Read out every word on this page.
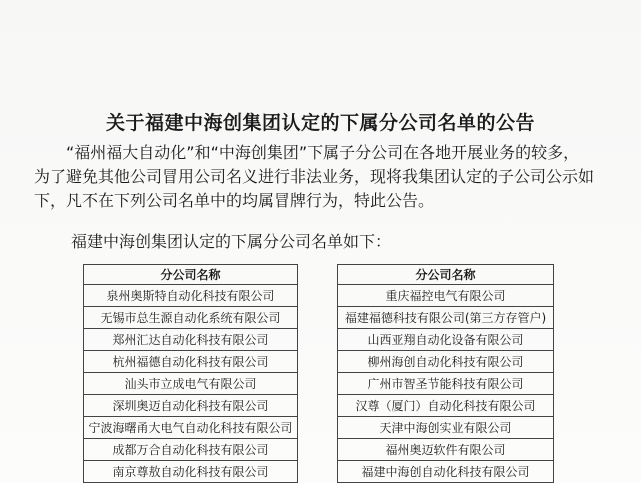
关于福建中海创集团认定的下属分公司名单的公告
“福州福大自动化”和“中海创集团”下属子分公司在各地开展业务的较多，
为了避免其他公司冒用公司名义进行非法业务，现将我集团认定的子公司公示如
下，凡不在下列公司名单中的均属冒牌行为，特此公告。
福建中海创集团认定的下属分公司名单如下：
分公司名称
泉州奥斯特自动化科技有限公司
无锡市总生源自动化系统有限公司
郑州汇达自动化科技有限公司
杭州福德自动化科技有限公司
汕头市立成电气有限公司
深圳奥迈自动化科技有限公司
宁波海曙甬大电气自动化科技有限公司
成都万合自动化科技有限公司
南京尊敖自动化科技有限公司
分公司名称
重庆福控电气有限公司
福建福德科技有限公司(第三方存管户)
山西亚翔自动化设备有限公司
柳州海创自动化科技有限公司
广州市智圣节能科技有限公司
汉尊（厦门）自动化科技有限公司
天津中海创实业有限公司
福州奥迈软件有限公司
福建中海创自动化科技有限公司
